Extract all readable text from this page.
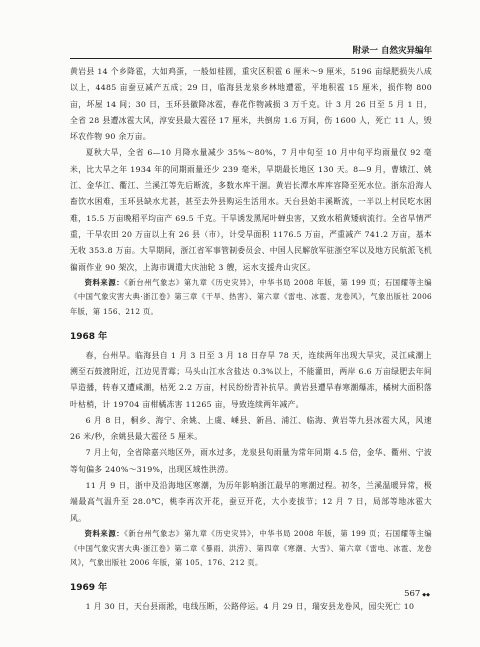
附录一 自然灾异编年

黄岩县 14 个乡降雹，大如鸡蛋，一般如桂圆，重灾区积雹 6 厘米～9 厘米，5196 亩绿肥损失八成以上，4485 亩蚕豆减产五成；29 日，临海县龙泉乡林地遭雹，平地积雹 15 厘米，损作物 800 亩，坏屋 14 间；30 日，玉环县徽降冰雹，春花作物减损 3 万千克。计 3 月 26 日至 5 月 1 日，全省 28 县遭冰雹大风，淳安县最大雹径 17 厘米，共倒房 1.6 万间，伤 1600 人，死亡 11 人，毁坏农作物 90 余万亩。

夏秋大旱，全省 6—10 月降水量减少 35%～80%，7 月中旬至 10 月中旬平均雨量仅 92 毫米，比大旱之年 1934 年的同期雨量还少 239 毫米，旱期最长地区 130 天。8—9 月，曹娥江、姚江、金华江、衢江、兰溪江等先后断流，多数水库干涸。黄岩长潭水库库容降至死水位。浙东沿海人畜饮水困难，玉环县缺水尤甚，甚至去外县购运生活用水。天台县始丰溪断流，一半以上村民吃水困难，15.5 万亩晚稻平均亩产 69.5 千克。干旱诱发黑尾叶蝉虫害，又致水稻黄矮病流行。全省旱情严重，干旱农田 20 万亩以上有 26 县（市），计受旱面积 1176.5 万亩，严重减产 741.2 万亩，基本无收 353.8 万亩。大旱期间，浙江省军事管制委员会、中国人民解放军驻浙空军以及地方民航派飞机徧雨作业 90 架次，上海市调遣大庆油轮 3 艘，运水支援舟山灾区。

资料来源：《新台州气象志》第九章《历史灾异》，中华书局 2008 年版，第 199 页；石国耀等主编《中国气象灾害大典·浙江卷》第三章《干旱、热害》、第六章《雷电、冰雹、龙卷风》，气象出版社 2006 年版，第 156、212 页。

1968 年

春，台州旱。临海县自 1 月 3 日至 3 月 18 日存旱 78 天，连续两年出现大旱灾，灵江咸潮上溯至石鼓渡附近，江边见青霉；马头山江水含盐达 0.3%以上，不能灌田，两岸 6.6 万亩绿肥去年间旱造播，转春又遭咸潮，枯死 2.2 万亩，村民纷纷青补抗旱。黄岩县遭旱春寒潮爆冻，橘树大面积落叶枯梢，计 19704 亩柑橘冻害 11265 亩，导致连续两年减产。

6 月 8 日，桐乡、海宁、余姚、上虞、嵊县、新昌、浦江、临海、黄岩等九县冰雹大风，风速 26 米/秒，余姚县最大雹径 5 厘米。

7 月上旬，全省除嘉兴地区外，雨水过多，龙泉县旬雨量为常年同期 4.5 倍，金华、衢州、宁波等旬偏多 240%～319%，出现区域性洪涝。

11 月 9 日，浙中及沿海地区寒潮，为历年影响浙江最早的寒潮过程。初冬，兰溪温暖异常，极端最高气温升至 28.0℃，桃李再次开花，蚕豆开花，大小麦拔节；12 月 7 日，局部等地冰雹大风。

资料来源：《新台州气象志》第九章《历史灾异》，中华书局 2008 年版，第 199 页；石国耀等主编《中国气象灾害大典·浙江卷》第二章《暴雨、洪涝》、第四章《寒潮、大雪》、第六章《雷电、冰雹、龙卷风》，气象出版社 2006 年版，第 105、176、212 页。

1969 年

1 月 30 日，天台县雨淞，电线压断，公路停运。4 月 29 日，瑞安县龙卷风，园尖死亡 10

567 ◆◆
